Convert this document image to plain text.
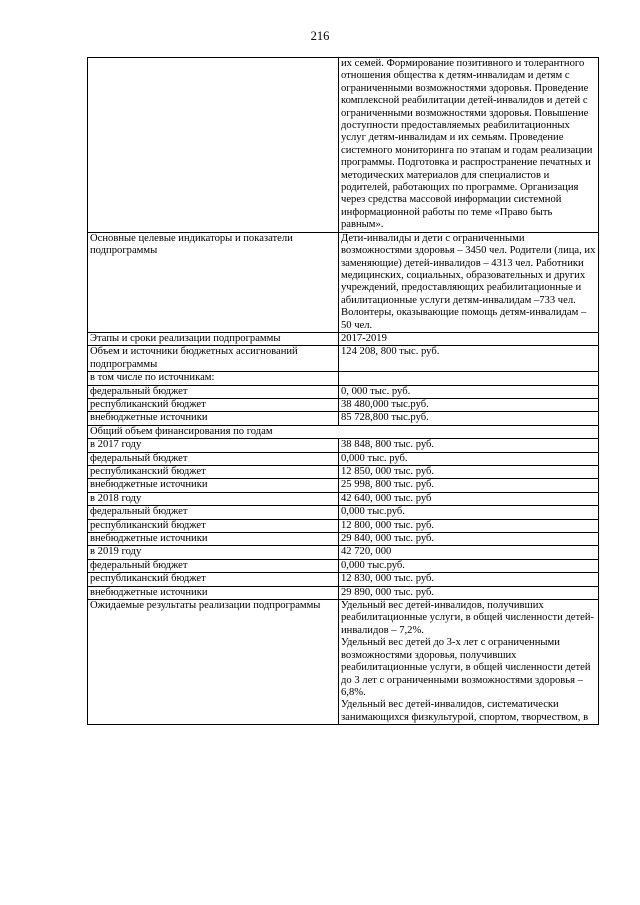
216
	их семей. Формирование позитивного и толерантного отношения общества к детям-инвалидам и детям с ограниченными возможностями здоровья. Проведение комплексной реабилитации детей-инвалидов и детей с ограниченными возможностями здоровья. Повышение доступности предоставляемых реабилитационных услуг детям-инвалидам и их семьям. Проведение системного мониторинга по этапам и годам реализации программы. Подготовка и распространение печатных и методических материалов для специалистов и родителей, работающих по программе. Организация через средства массовой информации системной информационной работы по теме «Право быть равным».
Основные целевые индикаторы и показатели подпрограммы	Дети-инвалиды и дети с ограниченными возможностями здоровья – 3450 чел. Родители (лица, их заменяющие) детей-инвалидов – 4313 чел. Работники медицинских, социальных, образовательных и других учреждений, предоставляющих реабилитационные и абилитационные услуги детям-инвалидам –733 чел. Волонтеры, оказывающие помощь детям-инвалидам – 50 чел.
Этапы и сроки реализации подпрограммы	2017-2019
Объем и источники бюджетных ассигнований подпрограммы	124 208, 800 тыс. руб.
в том числе по источникам:	
федеральный бюджет	0, 000 тыс. руб.
республиканский бюджет	38 480,000 тыс.руб.
внебюджетные источники	85 728,800 тыс.руб.
Общий объем финансирования по годам	
в 2017 году	38 848, 800 тыс. руб.
федеральный бюджет	0,000 тыс. руб.
республиканский бюджет	12 850, 000 тыс. руб.
внебюджетные источники	25 998, 800 тыс. руб.
в 2018 году	42 640, 000 тыс. руб
федеральный бюджет	0,000 тыс.руб.
республиканский бюджет	12 800, 000 тыс. руб.
внебюджетные источники	29 840, 000 тыс. руб.
в 2019 году	42 720, 000
федеральный бюджет	0,000 тыс.руб.
республиканский бюджет	12 830, 000 тыс. руб.
внебюджетные источники	29 890, 000 тыс. руб.
Ожидаемые результаты реализации подпрограммы	Удельный вес детей-инвалидов, получивших реабилитационные услуги, в общей численности детей-инвалидов – 7,2%.
Удельный вес детей до 3-х лет с ограниченными возможностями здоровья, получивших реабилитационные услуги, в общей численности детей до 3 лет с ограниченными возможностями здоровья – 6,8%.
Удельный вес детей-инвалидов, систематически занимающихся физкультурой, спортом, творчеством, в
